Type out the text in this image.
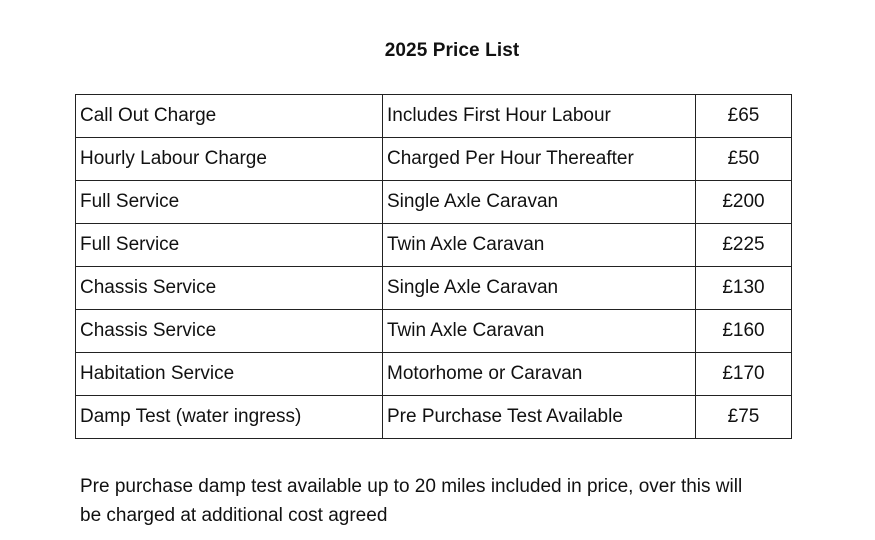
2025 Price List
Call Out Charge	Includes First Hour Labour	£65
Hourly Labour Charge	Charged Per Hour Thereafter	£50
Full Service	Single Axle Caravan	£200
Full Service	Twin Axle Caravan	£225
Chassis Service	Single Axle Caravan	£130
Chassis Service	Twin Axle Caravan	£160
Habitation Service	Motorhome or Caravan	£170
Damp Test (water ingress)	Pre Purchase Test Available	£75
Pre purchase damp test available up to 20 miles included in price, over this will
be charged at additional cost agreed
